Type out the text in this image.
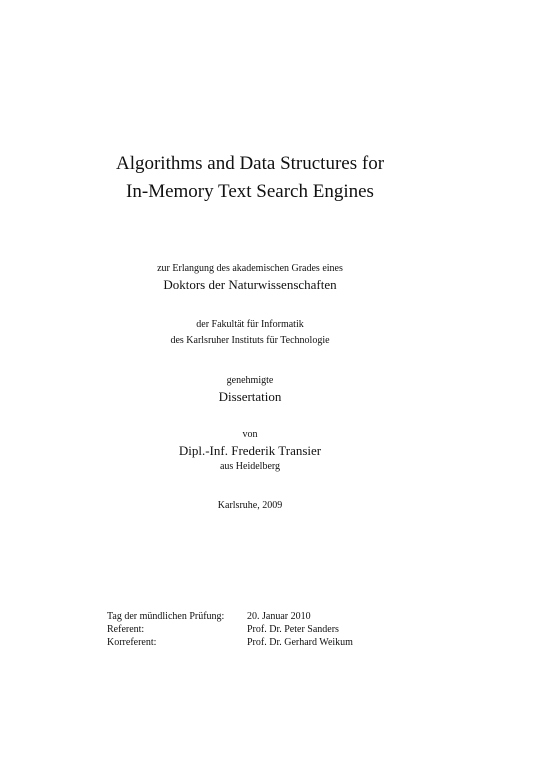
Algorithms and Data Structures for
In-Memory Text Search Engines
zur Erlangung des akademischen Grades eines
Doktors der Naturwissenschaften
der Fakultät für Informatik
des Karlsruher Instituts für Technologie
genehmigte
Dissertation
von
Dipl.-Inf. Frederik Transier
aus Heidelberg
Karlsruhe, 2009
Tag der mündlichen Prüfung:	20. Januar 2010
Referent:	Prof. Dr. Peter Sanders
Korreferent:	Prof. Dr. Gerhard Weikum
